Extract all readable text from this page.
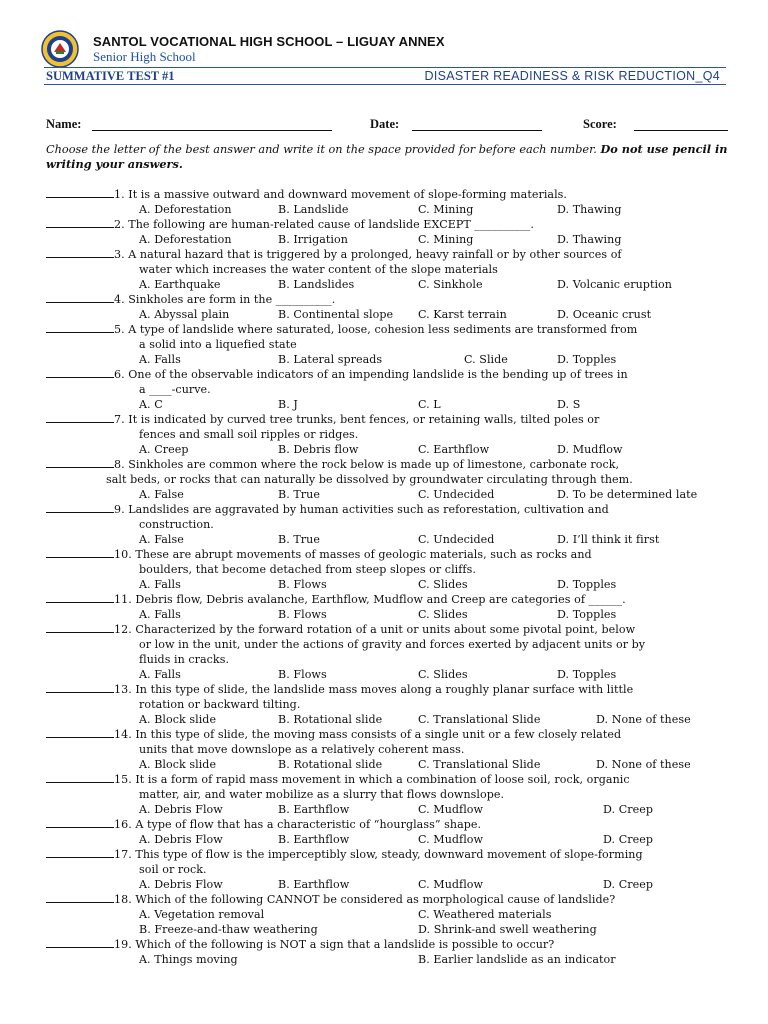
SANTOL VOCATIONAL HIGH SCHOOL – LIGUAY ANNEX
Senior High School
SUMMATIVE TEST #1	DISASTER READINESS & RISK REDUCTION_Q4
Name:	Date:	Score:
Choose the letter of the best answer and write it on the space provided for before each number. Do not use pencil in writing your answers.
1. It is a massive outward and downward movement of slope-forming materials.
A. Deforestation	B. Landslide	C. Mining	D. Thawing
2. The following are human-related cause of landslide EXCEPT __________.
A. Deforestation	B. Irrigation	C. Mining	D. Thawing
3. A natural hazard that is triggered by a prolonged, heavy rainfall or by other sources of
water which increases the water content of the slope materials
A. Earthquake	B. Landslides	C. Sinkhole	D. Volcanic eruption
4. Sinkholes are form in the __________.
A. Abyssal plain	B. Continental slope C. Karst terrain	D. Oceanic crust
5. A type of landslide where saturated, loose, cohesion less sediments are transformed from
a solid into a liquefied state
A. Falls	B. Lateral spreads	C. Slide	D. Topples
6. One of the observable indicators of an impending landslide is the bending up of trees in
a ____-curve.
A. C	B. J	C. L	D. S
7. It is indicated by curved tree trunks, bent fences, or retaining walls, tilted poles or
fences and small soil ripples or ridges.
A. Creep	B. Debris flow	C. Earthflow	D. Mudflow
8. Sinkholes are common where the rock below is made up of limestone, carbonate rock,
salt beds, or rocks that can naturally be dissolved by groundwater circulating through them.
A. False	B. True	C. Undecided	D. To be determined late
9. Landslides are aggravated by human activities such as reforestation, cultivation and
construction.
A. False	B. True	C. Undecided	D. I’ll think it first
10. These are abrupt movements of masses of geologic materials, such as rocks and
boulders, that become detached from steep slopes or cliffs.
A. Falls	B. Flows	C. Slides	D. Topples
11. Debris flow, Debris avalanche, Earthflow, Mudflow and Creep are categories of ______.
A. Falls	B. Flows	C. Slides	D. Topples
12. Characterized by the forward rotation of a unit or units about some pivotal point, below
or low in the unit, under the actions of gravity and forces exerted by adjacent units or by
fluids in cracks.
A. Falls	B. Flows	C. Slides	D. Topples
13. In this type of slide, the landslide mass moves along a roughly planar surface with little
rotation or backward tilting.
A. Block slide	B. Rotational slide	C. Translational Slide	D. None of these
14. In this type of slide, the moving mass consists of a single unit or a few closely related
units that move downslope as a relatively coherent mass.
A. Block slide	B. Rotational slide	C. Translational Slide	D. None of these
15. It is a form of rapid mass movement in which a combination of loose soil, rock, organic
matter, air, and water mobilize as a slurry that flows downslope.
A. Debris Flow	B. Earthflow	C. Mudflow	D. Creep
16. A type of flow that has a characteristic of “hourglass” shape.
A. Debris Flow	B. Earthflow	C. Mudflow	D. Creep
17. This type of flow is the imperceptibly slow, steady, downward movement of slope-forming
soil or rock.
A. Debris Flow	B. Earthflow	C. Mudflow	D. Creep
18. Which of the following CANNOT be considered as morphological cause of landslide?
A. Vegetation removal	C. Weathered materials
B. Freeze-and-thaw weathering	D. Shrink-and swell weathering
19. Which of the following is NOT a sign that a landslide is possible to occur?
A. Things moving	B. Earlier landslide as an indicator
